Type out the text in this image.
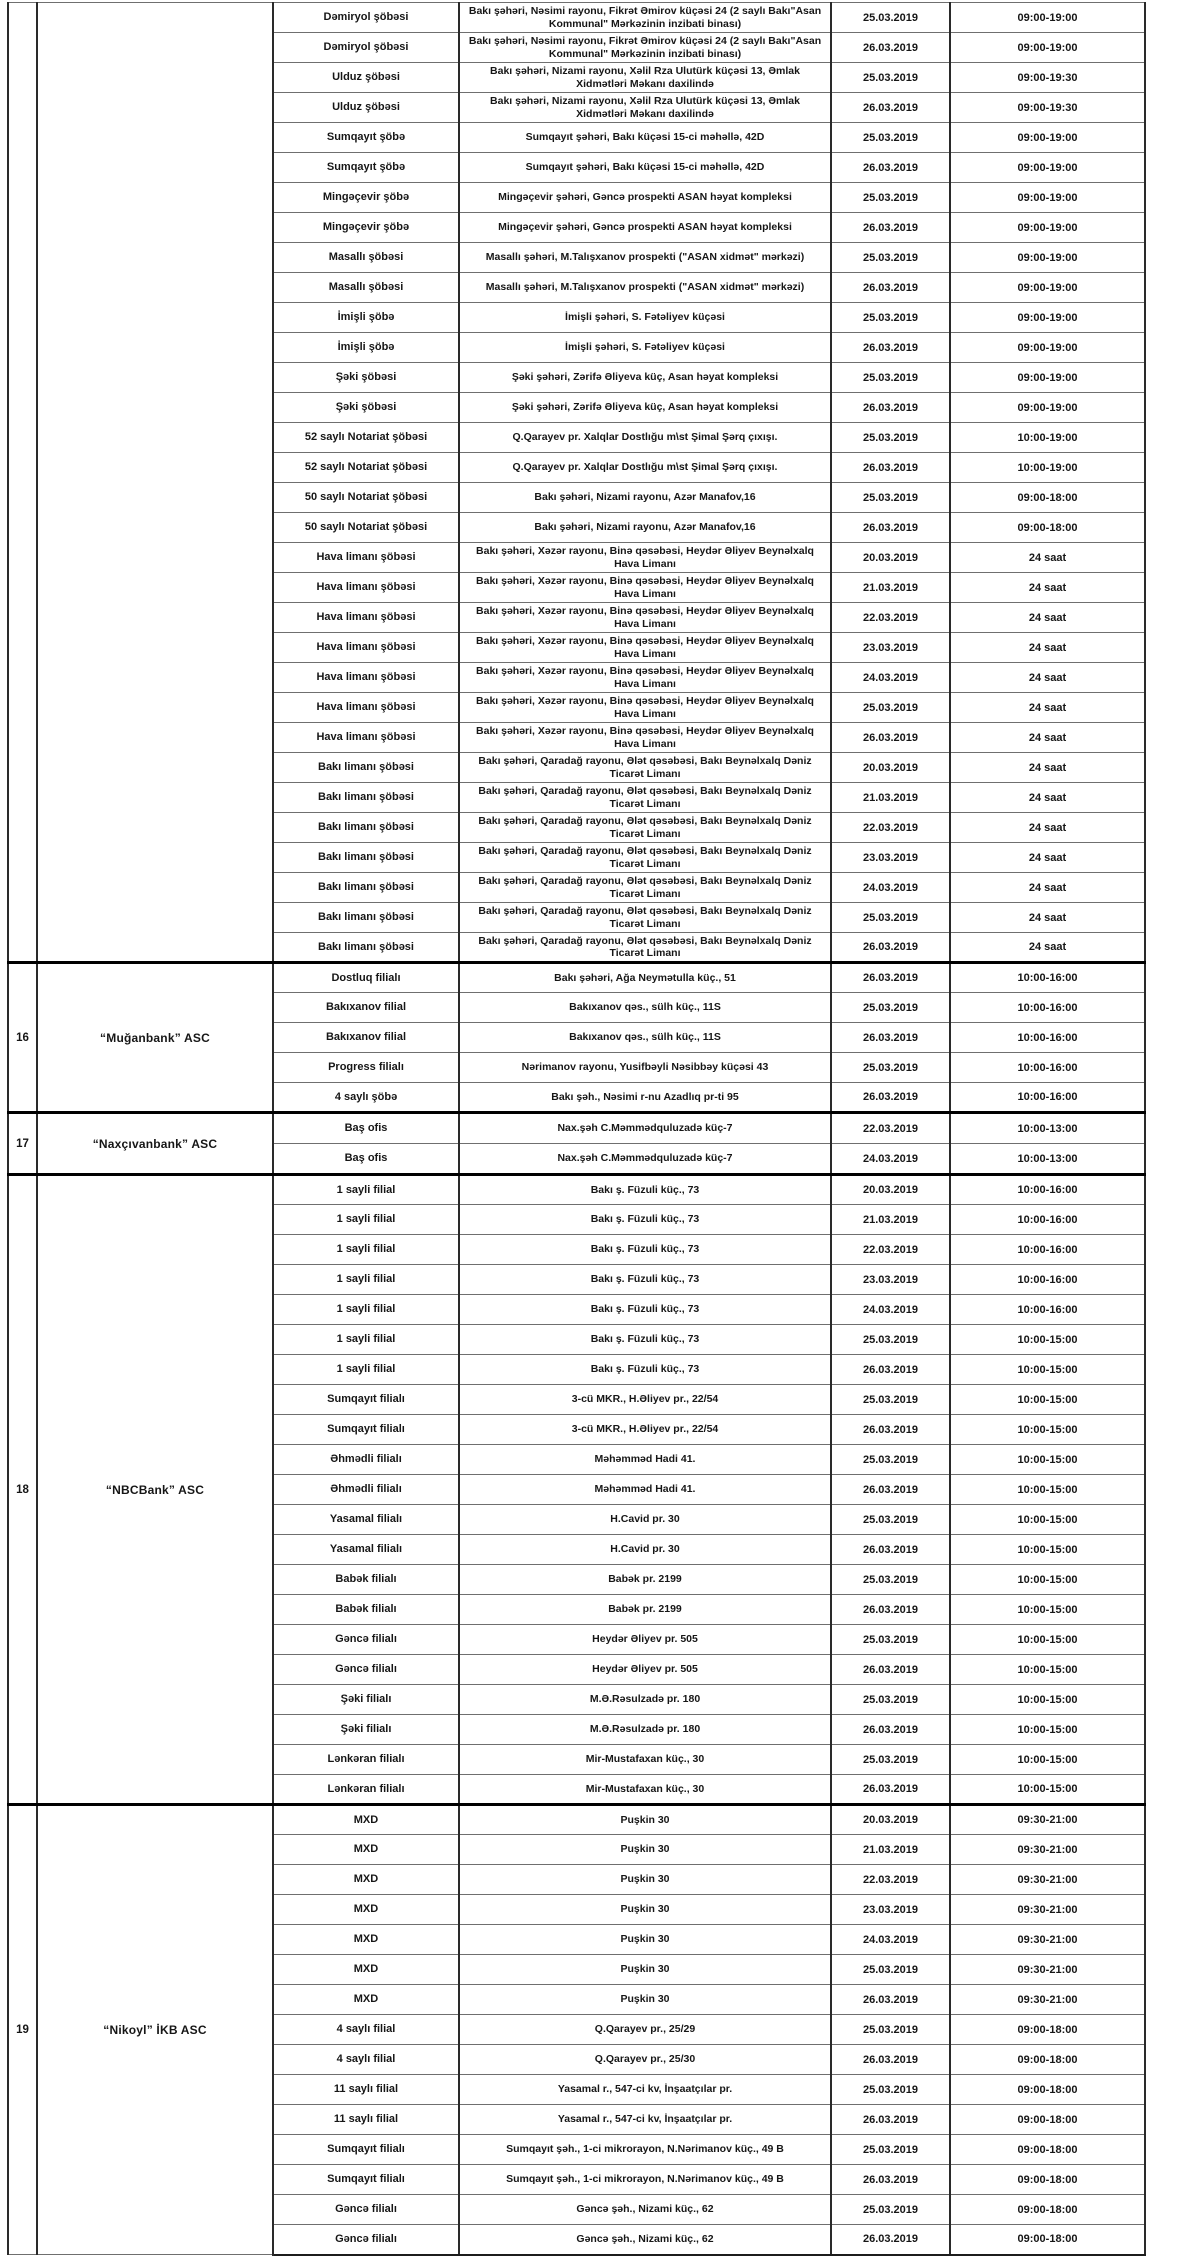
		Dəmiryol şöbəsi	Bakı şəhəri, Nəsimi rayonu, Fikrət Əmirov küçəsi 24 (2 saylı Bakı"Asan Kommunal" Mərkəzinin inzibati binası)	25.03.2019	09:00-19:00
		Dəmiryol şöbəsi	Bakı şəhəri, Nəsimi rayonu, Fikrət Əmirov küçəsi 24 (2 saylı Bakı"Asan Kommunal" Mərkəzinin inzibati binası)	26.03.2019	09:00-19:00
		Ulduz şöbəsi	Bakı şəhəri, Nizami rayonu, Xəlil Rza Ulutürk küçəsi 13, Əmlak Xidmətləri Məkanı daxilində	25.03.2019	09:00-19:30
		Ulduz şöbəsi	Bakı şəhəri, Nizami rayonu, Xəlil Rza Ulutürk küçəsi 13, Əmlak Xidmətləri Məkanı daxilində	26.03.2019	09:00-19:30
		Sumqayıt şöbə	Sumqayıt şəhəri, Bakı küçəsi 15-ci məhəllə, 42D	25.03.2019	09:00-19:00
		Sumqayıt şöbə	Sumqayıt şəhəri, Bakı küçəsi 15-ci məhəllə, 42D	26.03.2019	09:00-19:00
		Mingəçevir şöbə	Mingəçevir şəhəri, Gəncə prospekti ASAN həyat kompleksi	25.03.2019	09:00-19:00
		Mingəçevir şöbə	Mingəçevir şəhəri, Gəncə prospekti ASAN həyat kompleksi	26.03.2019	09:00-19:00
		Masallı şöbəsi	Masallı şəhəri, M.Talışxanov prospekti ("ASAN xidmət" mərkəzi)	25.03.2019	09:00-19:00
		Masallı şöbəsi	Masallı şəhəri, M.Talışxanov prospekti ("ASAN xidmət" mərkəzi)	26.03.2019	09:00-19:00
		İmişli şöbə	İmişli şəhəri, S. Fətəliyev küçəsi	25.03.2019	09:00-19:00
		İmişli şöbə	İmişli şəhəri, S. Fətəliyev küçəsi	26.03.2019	09:00-19:00
		Şəki şöbəsi	Şəki şəhəri, Zərifə Əliyeva küç, Asan həyat kompleksi	25.03.2019	09:00-19:00
		Şəki şöbəsi	Şəki şəhəri, Zərifə Əliyeva küç, Asan həyat kompleksi	26.03.2019	09:00-19:00
		52 saylı Notariat şöbəsi	Q.Qarayev pr. Xalqlar Dostlığu m\st Şimal Şərq çıxışı.	25.03.2019	10:00-19:00
		52 saylı Notariat şöbəsi	Q.Qarayev pr. Xalqlar Dostlığu m\st Şimal Şərq çıxışı.	26.03.2019	10:00-19:00
		50 saylı Notariat şöbəsi	Bakı şəhəri, Nizami rayonu, Azər Manafov,16	25.03.2019	09:00-18:00
		50 saylı Notariat şöbəsi	Bakı şəhəri, Nizami rayonu, Azər Manafov,16	26.03.2019	09:00-18:00
		Hava limanı şöbəsi	Bakı şəhəri, Xəzər rayonu, Binə qəsəbəsi, Heydər Əliyev Beynəlxalq Hava Limanı	20.03.2019	24 saat
		Hava limanı şöbəsi	Bakı şəhəri, Xəzər rayonu, Binə qəsəbəsi, Heydər Əliyev Beynəlxalq Hava Limanı	21.03.2019	24 saat
		Hava limanı şöbəsi	Bakı şəhəri, Xəzər rayonu, Binə qəsəbəsi, Heydər Əliyev Beynəlxalq Hava Limanı	22.03.2019	24 saat
		Hava limanı şöbəsi	Bakı şəhəri, Xəzər rayonu, Binə qəsəbəsi, Heydər Əliyev Beynəlxalq Hava Limanı	23.03.2019	24 saat
		Hava limanı şöbəsi	Bakı şəhəri, Xəzər rayonu, Binə qəsəbəsi, Heydər Əliyev Beynəlxalq Hava Limanı	24.03.2019	24 saat
		Hava limanı şöbəsi	Bakı şəhəri, Xəzər rayonu, Binə qəsəbəsi, Heydər Əliyev Beynəlxalq Hava Limanı	25.03.2019	24 saat
		Hava limanı şöbəsi	Bakı şəhəri, Xəzər rayonu, Binə qəsəbəsi, Heydər Əliyev Beynəlxalq Hava Limanı	26.03.2019	24 saat
		Bakı limanı şöbəsi	Bakı şəhəri, Qaradağ rayonu, Ələt qəsəbəsi, Bakı Beynəlxalq Dəniz Ticarət Limanı	20.03.2019	24 saat
		Bakı limanı şöbəsi	Bakı şəhəri, Qaradağ rayonu, Ələt qəsəbəsi, Bakı Beynəlxalq Dəniz Ticarət Limanı	21.03.2019	24 saat
		Bakı limanı şöbəsi	Bakı şəhəri, Qaradağ rayonu, Ələt qəsəbəsi, Bakı Beynəlxalq Dəniz Ticarət Limanı	22.03.2019	24 saat
		Bakı limanı şöbəsi	Bakı şəhəri, Qaradağ rayonu, Ələt qəsəbəsi, Bakı Beynəlxalq Dəniz Ticarət Limanı	23.03.2019	24 saat
		Bakı limanı şöbəsi	Bakı şəhəri, Qaradağ rayonu, Ələt qəsəbəsi, Bakı Beynəlxalq Dəniz Ticarət Limanı	24.03.2019	24 saat
		Bakı limanı şöbəsi	Bakı şəhəri, Qaradağ rayonu, Ələt qəsəbəsi, Bakı Beynəlxalq Dəniz Ticarət Limanı	25.03.2019	24 saat
		Bakı limanı şöbəsi	Bakı şəhəri, Qaradağ rayonu, Ələt qəsəbəsi, Bakı Beynəlxalq Dəniz Ticarət Limanı	26.03.2019	24 saat
16	“Muğanbank” ASC	Dostluq filialı	Bakı şəhəri, Ağa Neymətulla küç., 51	26.03.2019	10:00-16:00
		Bakıxanov filial	Bakıxanov qəs., sülh küç., 11S	25.03.2019	10:00-16:00
		Bakıxanov filial	Bakıxanov qəs., sülh küç., 11S	26.03.2019	10:00-16:00
		Progress filialı	Nərimanov rayonu, Yusifbəyli Nəsibbəy küçəsi 43	25.03.2019	10:00-16:00
		4 saylı şöbə	Bakı şəh., Nəsimi r-nu Azadlıq pr-ti 95	26.03.2019	10:00-16:00
17	“Naxçıvanbank” ASC	Baş ofis	Nax.şəh C.Məmmədquluzadə küç-7	22.03.2019	10:00-13:00
		Baş ofis	Nax.şəh C.Məmmədquluzadə küç-7	24.03.2019	10:00-13:00
18	“NBCBank” ASC	1 sayli filial	Bakı ş. Füzuli küç., 73	20.03.2019	10:00-16:00
		1 sayli filial	Bakı ş. Füzuli küç., 73	21.03.2019	10:00-16:00
		1 sayli filial	Bakı ş. Füzuli küç., 73	22.03.2019	10:00-16:00
		1 sayli filial	Bakı ş. Füzuli küç., 73	23.03.2019	10:00-16:00
		1 sayli filial	Bakı ş. Füzuli küç., 73	24.03.2019	10:00-16:00
		1 sayli filial	Bakı ş. Füzuli küç., 73	25.03.2019	10:00-15:00
		1 sayli filial	Bakı ş. Füzuli küç., 73	26.03.2019	10:00-15:00
		Sumqayıt filialı	3-cü MKR., H.Əliyev pr., 22/54	25.03.2019	10:00-15:00
		Sumqayıt filialı	3-cü MKR., H.Əliyev pr., 22/54	26.03.2019	10:00-15:00
		Əhmədli filialı	Məhəmməd Hadi 41.	25.03.2019	10:00-15:00
		Əhmədli filialı	Məhəmməd Hadi 41.	26.03.2019	10:00-15:00
		Yasamal filialı	H.Cavid pr. 30	25.03.2019	10:00-15:00
		Yasamal filialı	H.Cavid pr. 30	26.03.2019	10:00-15:00
		Babək filialı	Babək pr. 2199	25.03.2019	10:00-15:00
		Babək filialı	Babək pr. 2199	26.03.2019	10:00-15:00
		Gəncə filialı	Heydər Əliyev pr. 505	25.03.2019	10:00-15:00
		Gəncə filialı	Heydər Əliyev pr. 505	26.03.2019	10:00-15:00
		Şəki filialı	M.Ə.Rəsulzadə pr. 180	25.03.2019	10:00-15:00
		Şəki filialı	M.Ə.Rəsulzadə pr. 180	26.03.2019	10:00-15:00
		Lənkəran filialı	Mir-Mustafaxan küç., 30	25.03.2019	10:00-15:00
		Lənkəran filialı	Mir-Mustafaxan küç., 30	26.03.2019	10:00-15:00
19	“Nikoyl” İKB ASC	MXD	Puşkin 30	20.03.2019	09:30-21:00
		MXD	Puşkin 30	21.03.2019	09:30-21:00
		MXD	Puşkin 30	22.03.2019	09:30-21:00
		MXD	Puşkin 30	23.03.2019	09:30-21:00
		MXD	Puşkin 30	24.03.2019	09:30-21:00
		MXD	Puşkin 30	25.03.2019	09:30-21:00
		MXD	Puşkin 30	26.03.2019	09:30-21:00
		4 saylı filial	Q.Qarayev pr., 25/29	25.03.2019	09:00-18:00
		4 saylı filial	Q.Qarayev pr., 25/30	26.03.2019	09:00-18:00
		11 saylı filial	Yasamal r., 547-ci kv, İnşaatçılar pr.	25.03.2019	09:00-18:00
		11 saylı filial	Yasamal r., 547-ci kv, İnşaatçılar pr.	26.03.2019	09:00-18:00
		Sumqayıt filialı	Sumqayıt şəh., 1-ci mikrorayon, N.Nərimanov küç., 49 B	25.03.2019	09:00-18:00
		Sumqayıt filialı	Sumqayıt şəh., 1-ci mikrorayon, N.Nərimanov küç., 49 B	26.03.2019	09:00-18:00
		Gəncə filialı	Gəncə şəh., Nizami küç., 62	25.03.2019	09:00-18:00
		Gəncə filialı	Gəncə şəh., Nizami küç., 62	26.03.2019	09:00-18:00
